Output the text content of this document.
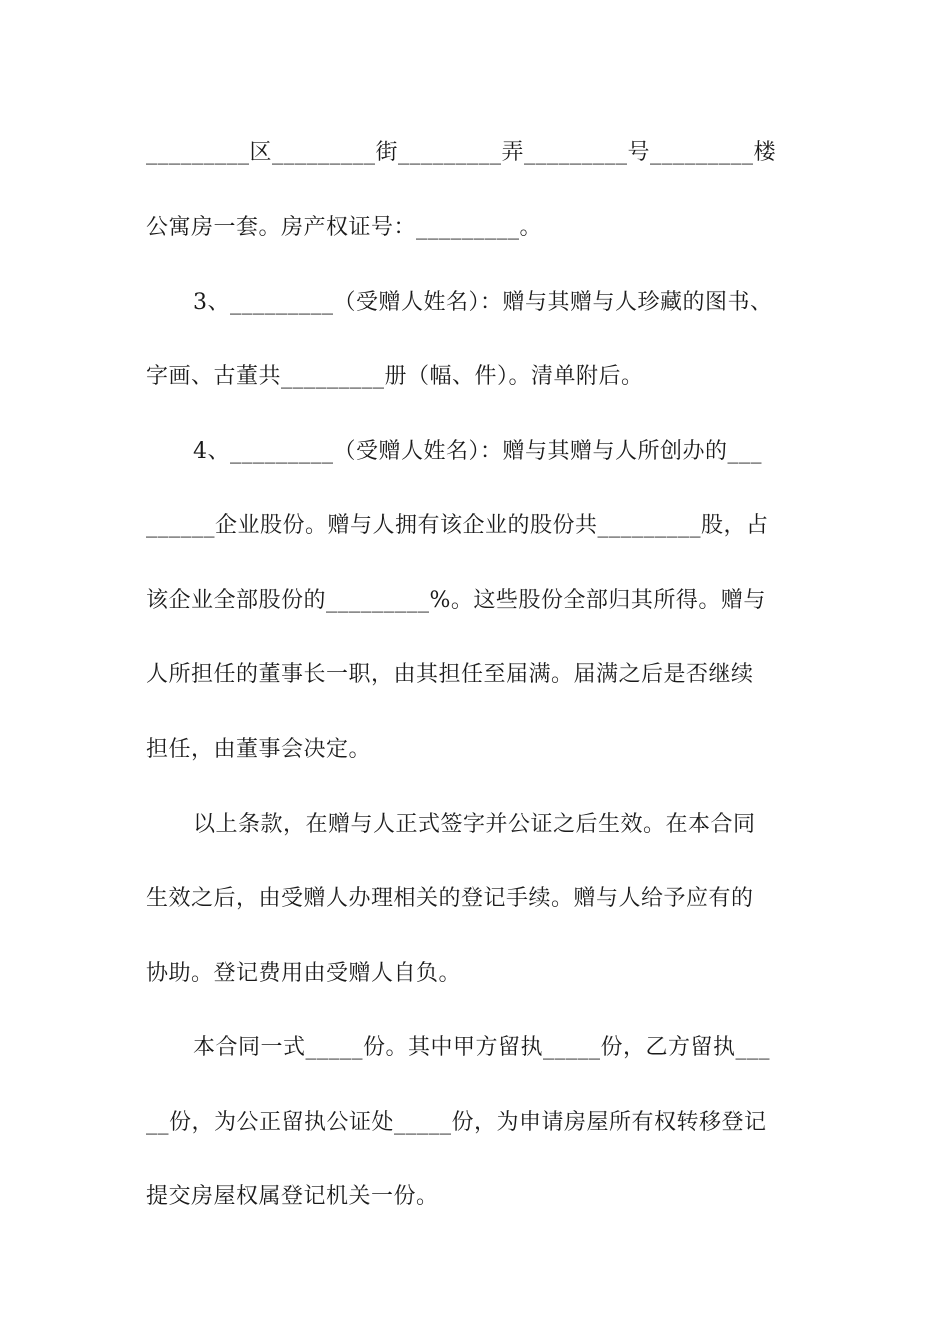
_________区_________街_________弄_________号_________楼
公寓房一套。房产权证号：_________。
3、_________（受赠人姓名）：赠与其赠与人珍藏的图书、
字画、古董共_________册（幅、件）。清单附后。
4、_________（受赠人姓名）：赠与其赠与人所创办的___
______企业股份。赠与人拥有该企业的股份共_________股，占
该企业全部股份的_________%。这些股份全部归其所得。赠与
人所担任的董事长一职，由其担任至届满。届满之后是否继续
担任，由董事会决定。
以上条款，在赠与人正式签字并公证之后生效。在本合同
生效之后，由受赠人办理相关的登记手续。赠与人给予应有的
协助。登记费用由受赠人自负。
本合同一式_____份。其中甲方留执_____份，乙方留执___
__份，为公正留执公证处_____份，为申请房屋所有权转移登记
提交房屋权属登记机关一份。
